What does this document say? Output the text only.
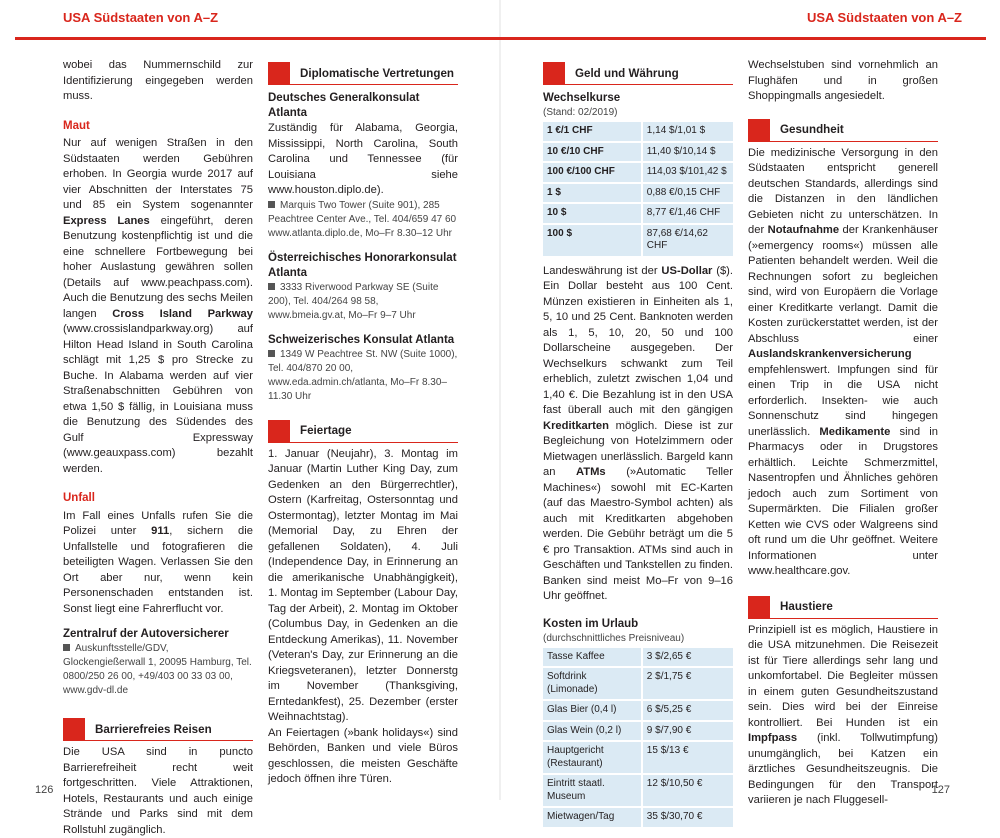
USA Südstaaten von A–Z

wobei das Nummernschild zur Identifizierung eingegeben werden muss.

Maut

Nur auf wenigen Straßen in den Südstaaten werden Gebühren erhoben. In Georgia wurde 2017 auf vier Abschnitten der Interstates 75 und 85 ein System sogenannter Express Lanes eingeführt, deren Benutzung kostenpflichtig ist und die eine schnellere Fortbewegung bei hoher Auslastung gewähren sollen (Details auf www.peachpass.com). Auch die Benutzung des sechs Meilen langen Cross Island Parkway (www.crossislandparkway.org) auf Hilton Head Island in South Carolina schlägt mit 1,25 $ pro Strecke zu Buche. In Alabama werden auf vier Straßenabschnitten Gebühren von etwa 1,50 $ fällig, in Louisiana muss die Benutzung des Südendes des Gulf Expressway (www.geauxpass.com) bezahlt werden.

Unfall

Im Fall eines Unfalls rufen Sie die Polizei unter 911, sichern die Unfallstelle und fotografieren die beteiligten Wagen. Verlassen Sie den Ort aber nur, wenn kein Personenschaden entstanden ist. Sonst liegt eine Fahrerflucht vor.

Zentralruf der Autoversicherer
Auskunftsstelle/GDV, Glockengießerwall 1, 20095 Hamburg, Tel. 0800/250 26 00, +49/403 00 33 03 00, www.gdv-dl.de
Barrierefreies Reisen

Die USA sind in puncto Barrierefreiheit recht weit fortgeschritten. Viele Attraktionen, Hotels, Restaurants und auch einige Strände und Parks sind mit dem Rollstuhl zugänglich.

Diplomatische Vertretungen
Deutsches Generalkonsulat Atlanta

Zuständig für Alabama, Georgia, Mississippi, North Carolina, South Carolina und Tennessee (für Louisiana siehe www.houston.diplo.de).

Marquis Two Tower (Suite 901), 285 Peachtree Center Ave., Tel. 404/659 47 60 www.atlanta.diplo.de, Mo–Fr 8.30–12 Uhr
Österreichisches Honorarkonsulat Atlanta
3333 Riverwood Parkway SE (Suite 200), Tel. 404/264 98 58, www.bmeia.gv.at, Mo–Fr 9–7 Uhr
Schweizerisches Konsulat Atlanta
1349 W Peachtree St. NW (Suite 1000), Tel. 404/870 20 00, www.eda.admin.ch/atlanta, Mo–Fr 8.30–11.30 Uhr
Feiertage

1. Januar (Neujahr), 3. Montag im Januar (Martin Luther King Day, zum Gedenken an den Bürgerrechtler), Ostern (Karfreitag, Ostersonntag und Ostermontag), letzter Montag im Mai (Memorial Day, zu Ehren der gefallenen Soldaten), 4. Juli (Independence Day, in Erinnerung an die amerikanische Unabhängigkeit), 1. Montag im September (Labour Day, Tag der Arbeit), 2. Montag im Oktober (Columbus Day, in Gedenken an die Entdeckung Amerikas), 11. November (Veteran's Day, zur Erinnerung an die Kriegsveteranen), letzter Donnerstg im November (Thanksgiving, Erntedankfest), 25. Dezember (erster Weihnachtstag).

An Feiertagen (»bank holidays«) sind Behörden, Banken und viele Büros geschlossen, die meisten Geschäfte jedoch öffnen ihre Türen.

126
USA Südstaaten von A–Z
Geld und Währung
Wechselkurse
(Stand: 02/2019)
1 €/1 CHF	1,14 $/1,01 $
10 €/10 CHF	11,40 $/10,14 $
100 €/100 CHF	114,03 $/101,42 $
1 $	0,88 €/0,15 CHF
10 $	8,77 €/1,46 CHF
100 $	87,68 €/14,62 CHF

Landeswährung ist der US-Dollar ($). Ein Dollar besteht aus 100 Cent. Münzen existieren in Einheiten als 1, 5, 10 und 25 Cent. Banknoten werden als 1, 5, 10, 20, 50 und 100 Dollarscheine ausgegeben. Der Wechselkurs schwankt zum Teil erheblich, zuletzt zwischen 1,04 und 1,40 €. Die Bezahlung ist in den USA fast überall auch mit den gängigen Kreditkarten möglich. Diese ist zur Begleichung von Hotelzimmern oder Mietwagen unerlässlich. Bargeld kann an ATMs (»Automatic Teller Machines«) sowohl mit EC-Karten (auf das Maestro-Symbol achten) als auch mit Kreditkarten abgehoben werden. Die Gebühr beträgt um die 5 € pro Transaktion. ATMs sind auch in Geschäften und Tankstellen zu finden. Banken sind meist Mo–Fr von 9–16 Uhr geöffnet.

Kosten im Urlaub
(durchschnittliches Preisniveau)
Tasse Kaffee	3 $/2,65 €
Softdrink (Limonade)	2 $/1,75 €
Glas Bier (0,4 l)	6 $/5,25 €
Glas Wein (0,2 l)	9 $/7,90 €
Hauptgericht (Restaurant)	15 $/13 €
Eintritt staatl. Museum	12 $/10,50 €
Mietwagen/Tag	35 $/30,70 €

Wechselstuben sind vornehmlich an Flughäfen und in großen Shoppingmalls angesiedelt.

Gesundheit

Die medizinische Versorgung in den Südstaaten entspricht generell deutschen Standards, allerdings sind die Distanzen in den ländlichen Gebieten nicht zu unterschätzen. In der Notaufnahme der Krankenhäuser (»emergency rooms«) müssen alle Patienten behandelt werden. Weil die Rechnungen sofort zu begleichen sind, wird von Europäern die Vorlage einer Kreditkarte verlangt. Damit die Kosten zurückerstattet werden, ist der Abschluss einer Auslandskrankenversicherung empfehlenswert. Impfungen sind für einen Trip in die USA nicht erforderlich. Insekten- wie auch Sonnenschutz sind hingegen unerlässlich. Medikamente sind in Pharmacys oder in Drugstores erhältlich. Leichte Schmerzmittel, Nasentropfen und Ähnliches gehören jedoch auch zum Sortiment von Supermärkten. Die Filialen großer Ketten wie CVS oder Walgreens sind oft rund um die Uhr geöffnet. Weitere Informationen unter www.healthcare.gov.

Haustiere

Prinzipiell ist es möglich, Haustiere in die USA mitzunehmen. Die Reisezeit ist für Tiere allerdings sehr lang und unkomfortabel. Die Begleiter müssen in einem guten Gesundheitszustand sein. Dies wird bei der Einreise kontrolliert. Bei Hunden ist ein Impfpass (inkl. Tollwutimpfung) unumgänglich, bei Katzen ein ärztliches Gesundheitszeugnis. Die Bedingungen für den Transport variieren je nach Fluggesell-

127
